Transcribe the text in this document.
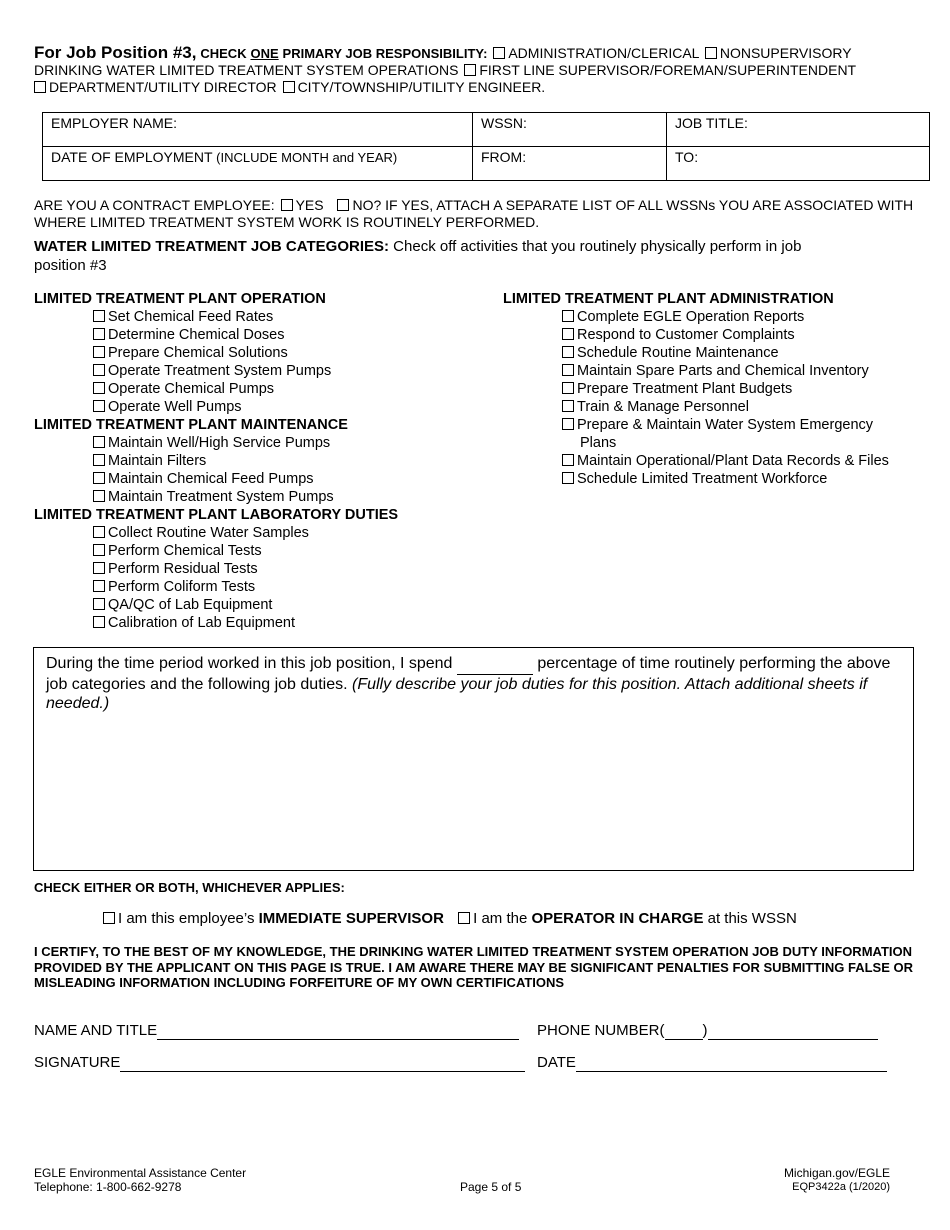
For Job Position #3, CHECK ONE PRIMARY JOB RESPONSIBILITY: ADMINISTRATION/CLERICAL NONSUPERVISORY DRINKING WATER LIMITED TREATMENT SYSTEM OPERATIONS FIRST LINE SUPERVISOR/FOREMAN/SUPERINTENDENT
DEPARTMENT/UTILITY DIRECTOR CITY/TOWNSHIP/UTILITY ENGINEER.
EMPLOYER NAME:	WSSN:	JOB TITLE:
DATE OF EMPLOYMENT (INCLUDE MONTH and YEAR)	FROM:	TO:
ARE YOU A CONTRACT EMPLOYEE: YES NO? IF YES, ATTACH A SEPARATE LIST OF ALL WSSNs YOU ARE ASSOCIATED WITH WHERE LIMITED TREATMENT SYSTEM WORK IS ROUTINELY PERFORMED.
WATER LIMITED TREATMENT JOB CATEGORIES: Check off activities that you routinely physically perform in job position #3
LIMITED TREATMENT PLANT OPERATION
Set Chemical Feed Rates
Determine Chemical Doses
Prepare Chemical Solutions
Operate Treatment System Pumps
Operate Chemical Pumps
Operate Well Pumps
LIMITED TREATMENT PLANT MAINTENANCE
Maintain Well/High Service Pumps
Maintain Filters
Maintain Chemical Feed Pumps
Maintain Treatment System Pumps
LIMITED TREATMENT PLANT LABORATORY DUTIES
Collect Routine Water Samples
Perform Chemical Tests
Perform Residual Tests
Perform Coliform Tests
QA/QC of Lab Equipment
Calibration of Lab Equipment
LIMITED TREATMENT PLANT ADMINISTRATION
Complete EGLE Operation Reports
Respond to Customer Complaints
Schedule Routine Maintenance
Maintain Spare Parts and Chemical Inventory
Prepare Treatment Plant Budgets
Train & Manage Personnel
Prepare & Maintain Water System Emergency
Plans
Maintain Operational/Plant Data Records & Files
Schedule Limited Treatment Workforce
During the time period worked in this job position, I spend	percentage of time routinely performing the above job categories and the following job duties. (Fully describe your job duties for this position. Attach additional sheets if needed.)
CHECK EITHER OR BOTH, WHICHEVER APPLIES:
I am this employee’s IMMEDIATE SUPERVISOR I am the OPERATOR IN CHARGE at this WSSN
I CERTIFY, TO THE BEST OF MY KNOWLEDGE, THE DRINKING WATER LIMITED TREATMENT SYSTEM OPERATION JOB DUTY INFORMATION PROVIDED BY THE APPLICANT ON THIS PAGE IS TRUE. I AM AWARE THERE MAY BE SIGNIFICANT PENALTIES FOR SUBMITTING FALSE OR MISLEADING INFORMATION INCLUDING FORFEITURE OF MY OWN CERTIFICATIONS
NAME AND TITLE	PHONE NUMBER(	)
SIGNATURE	DATE
EGLE Environmental Assistance Center
Telephone: 1-800-662-9278	Page 5 of 5
Michigan.gov/EGLE
EQP3422a (1/2020)
